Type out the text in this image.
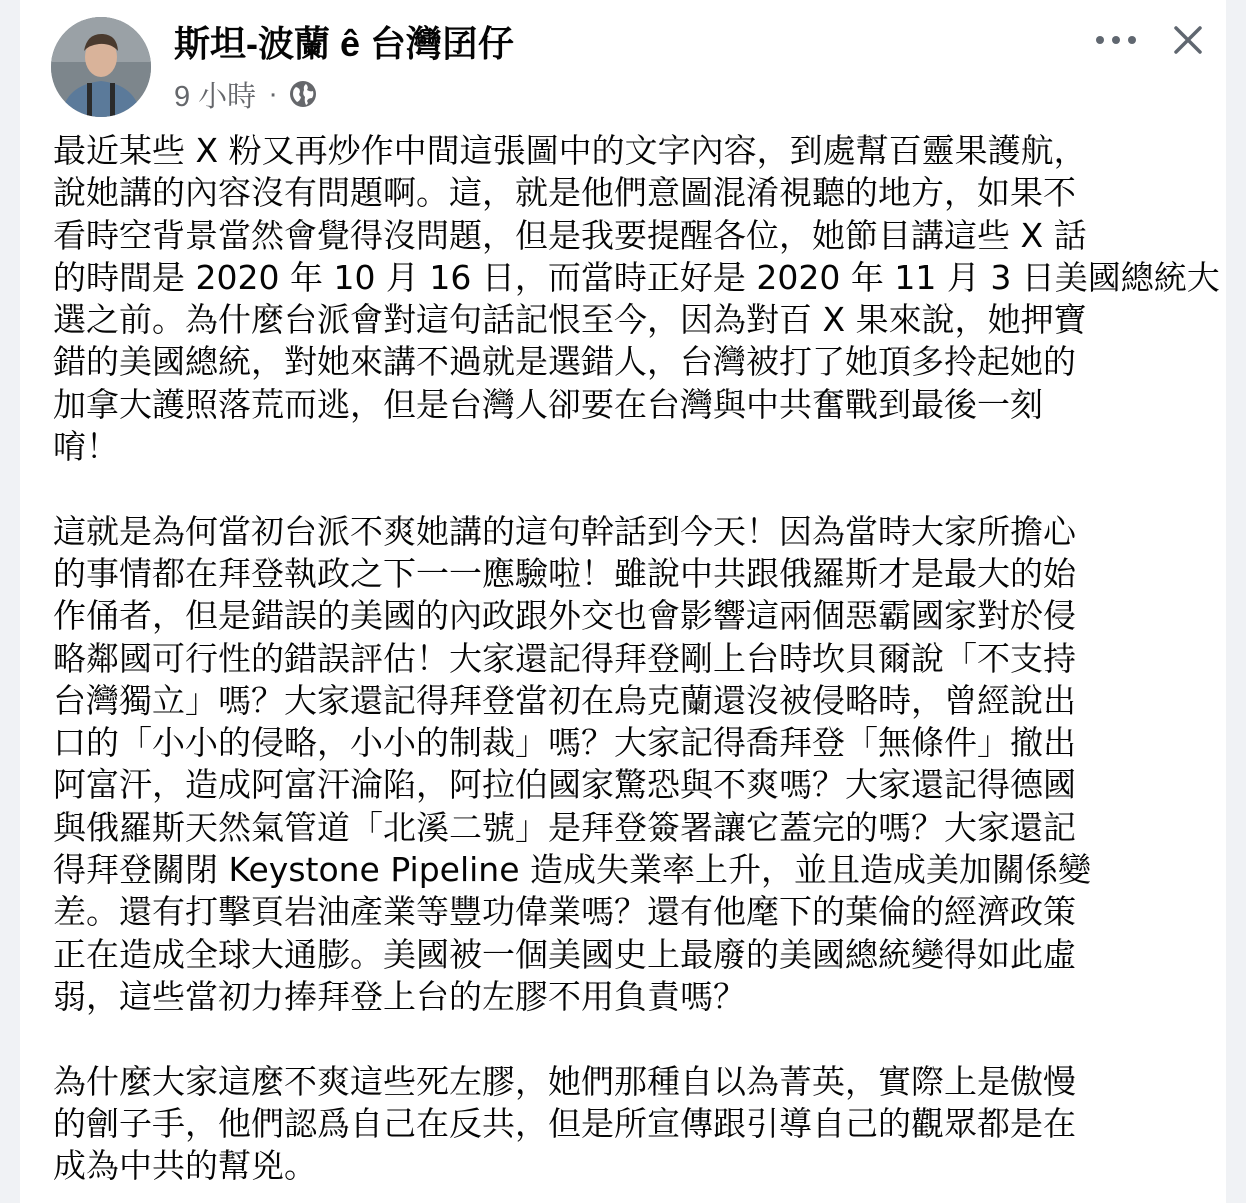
斯坦-波蘭 ê 台灣囝仔
9 小時 ·
最近某些 X 粉又再炒作中間這張圖中的文字內容，到處幫百靈果護航，
說她講的內容沒有問題啊。這，就是他們意圖混淆視聽的地方，如果不
看時空背景當然會覺得沒問題，但是我要提醒各位，她節目講這些 X 話
的時間是 2020 年 10 月 16 日，而當時正好是 2020 年 11 月 3 日美國總統大
選之前。為什麼台派會對這句話記恨至今，因為對百 X 果來說，她押寶
錯的美國總統，對她來講不過就是選錯人，台灣被打了她頂多拎起她的
加拿大護照落荒而逃，但是台灣人卻要在台灣與中共奮戰到最後一刻
唷！
這就是為何當初台派不爽她講的這句幹話到今天！因為當時大家所擔心
的事情都在拜登執政之下一一應驗啦！雖說中共跟俄羅斯才是最大的始
作俑者，但是錯誤的美國的內政跟外交也會影響這兩個惡霸國家對於侵
略鄰國可行性的錯誤評估！大家還記得拜登剛上台時坎貝爾說「不支持
台灣獨立」嗎？大家還記得拜登當初在烏克蘭還沒被侵略時，曾經說出
口的「小小的侵略，小小的制裁」嗎？大家記得喬拜登「無條件」撤出
阿富汗，造成阿富汗淪陷，阿拉伯國家驚恐與不爽嗎？大家還記得德國
與俄羅斯天然氣管道「北溪二號」是拜登簽署讓它蓋完的嗎？大家還記
得拜登關閉 Keystone Pipeline 造成失業率上升，並且造成美加關係變
差。還有打擊頁岩油產業等豐功偉業嗎？還有他麾下的葉倫的經濟政策
正在造成全球大通膨。美國被一個美國史上最廢的美國總統變得如此虛
弱，這些當初力捧拜登上台的左膠不用負責嗎？
為什麼大家這麼不爽這些死左膠，她們那種自以為菁英，實際上是傲慢
的劊子手，他們認爲自己在反共，但是所宣傳跟引導自己的觀眾都是在
成為中共的幫兇。
